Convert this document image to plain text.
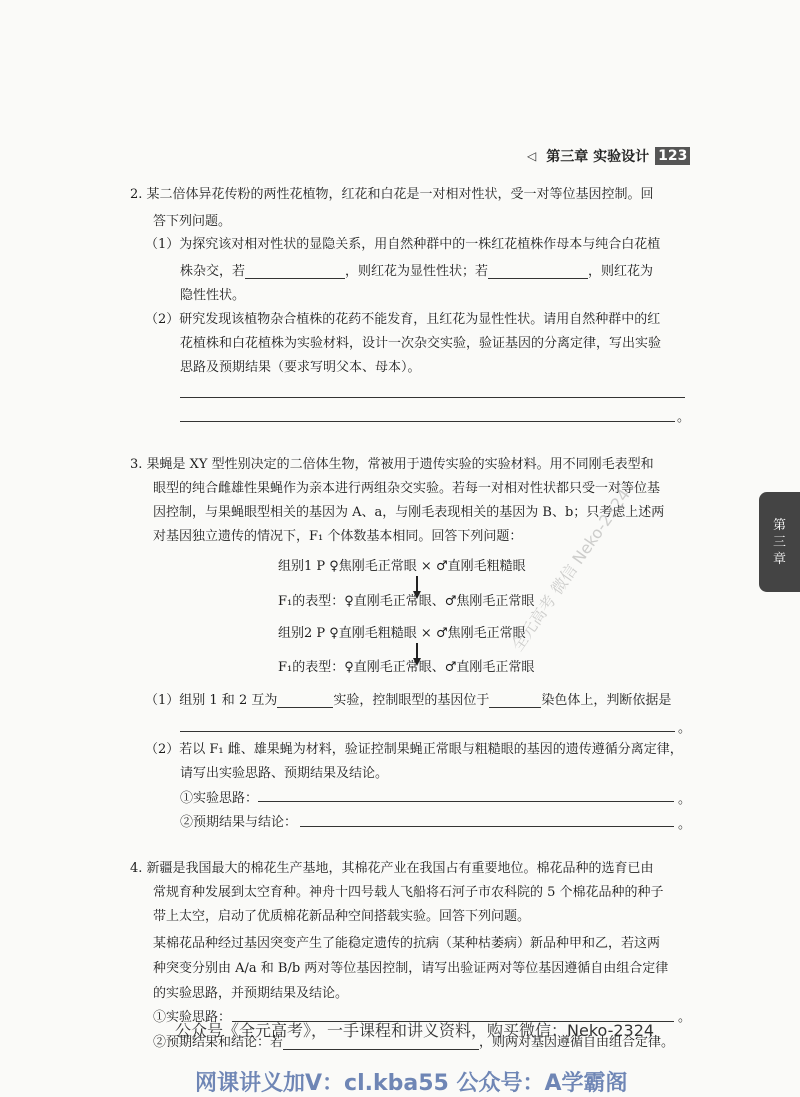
◁ 第三章 实验设计 123
第
三
章
2. 某二倍体异花传粉的两性花植物，红花和白花是一对相对性状，受一对等位基因控制。回
答下列问题。
（1）为探究该对相对性状的显隐关系，用自然种群中的一株红花植株作母本与纯合白花植
株杂交，若	，则红花为显性性状；若	，则红花为
隐性性状。
（2）研究发现该植物杂合植株的花药不能发育，且红花为显性性状。请用自然种群中的红
花植株和白花植株为实验材料，设计一次杂交实验，验证基因的分离定律，写出实验
思路及预期结果（要求写明父本、母本）。
。
3. 果蝇是 XY 型性别决定的二倍体生物，常被用于遗传实验的实验材料。用不同刚毛表型和
眼型的纯合雌雄性果蝇作为亲本进行两组杂交实验。若每一对相对性状都只受一对等位基
因控制，与果蝇眼型相关的基因为 A、a，与刚毛表现相关的基因为 B、b；只考虑上述两
对基因独立遗传的情况下，F₁ 个体数基本相同。回答下列问题：
组别1 P ♀焦刚毛正常眼 × ♂直刚毛粗糙眼
F₁的表型：♀直刚毛正常眼、♂焦刚毛正常眼
组别2 P ♀直刚毛粗糙眼 × ♂焦刚毛正常眼
F₁的表型：♀直刚毛正常眼、♂直刚毛正常眼
（1）组别 1 和 2 互为	实验，控制眼型的基因位于	染色体上，判断依据是
。
（2）若以 F₁ 雌、雄果蝇为材料，验证控制果蝇正常眼与粗糙眼的基因的遗传遵循分离定律，
请写出实验思路、预期结果及结论。
①实验思路：	。
②预期结果与结论：	。
全元高考 微信 Neko-2324
4. 新疆是我国最大的棉花生产基地，其棉花产业在我国占有重要地位。棉花品种的选育已由
常规育种发展到太空育种。神舟十四号载人飞船将石河子市农科院的 5 个棉花品种的种子
带上太空，启动了优质棉花新品种空间搭载实验。回答下列问题。
某棉花品种经过基因突变产生了能稳定遗传的抗病（某种枯萎病）新品种甲和乙，若这两
种突变分别由 A/a 和 B/b 两对等位基因控制，请写出验证两对等位基因遵循自由组合定律
的实验思路，并预期结果及结论。
①实验思路：	。
②预期结果和结论：若	，则两对基因遵循自由组合定律。
公众号《全元高考》，一手课程和讲义资料，购买微信：Neko-2324
网课讲义加V：cl.kba55 公众号：A学霸阁
